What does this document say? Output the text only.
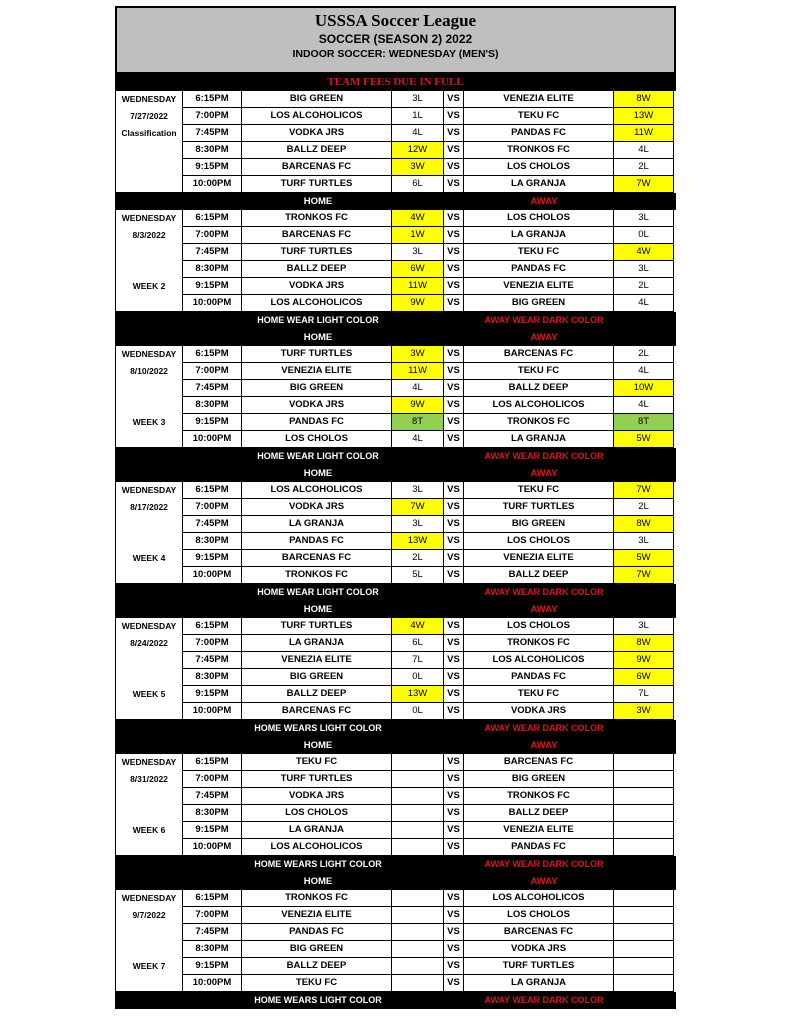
USSSA Soccer League
SOCCER (SEASON 2) 2022
INDOOR SOCCER: WEDNESDAY (MEN'S)
TEAM FEES DUE IN FULL
WEDNESDAY	6:15PM	BIG GREEN	3L	VS	VENEZIA ELITE	8W
7/27/2022	7:00PM	LOS ALCOHOLICOS	1L	VS	TEKU FC	13W
Classification	7:45PM	VODKA JRS	4L	VS	PANDAS FC	11W
8:30PM	BALLZ DEEP	12W	VS	TRONKOS FC	4L
9:15PM	BARCENAS FC	3W	VS	LOS CHOLOS	2L
10:00PM	TURF TURTLES	6L	VS	LA GRANJA	7W
HOME	AWAY
WEDNESDAY	6:15PM	TRONKOS FC	4W	VS	LOS CHOLOS	3L
8/3/2022	7:00PM	BARCENAS FC	1W	VS	LA GRANJA	0L
7:45PM	TURF TURTLES	3L	VS	TEKU FC	4W
8:30PM	BALLZ DEEP	6W	VS	PANDAS FC	3L
WEEK 2	9:15PM	VODKA JRS	11W	VS	VENEZIA ELITE	2L
10:00PM	LOS ALCOHOLICOS	9W	VS	BIG GREEN	4L
HOME WEAR LIGHT COLOR	AWAY WEAR DARK COLOR
HOME	AWAY
WEDNESDAY	6:15PM	TURF TURTLES	3W	VS	BARCENAS FC	2L
8/10/2022	7:00PM	VENEZIA ELITE	11W	VS	TEKU FC	4L
7:45PM	BIG GREEN	4L	VS	BALLZ DEEP	10W
8:30PM	VODKA JRS	9W	VS	LOS ALCOHOLICOS	4L
WEEK 3	9:15PM	PANDAS FC	8T	VS	TRONKOS FC	8T
10:00PM	LOS CHOLOS	4L	VS	LA GRANJA	5W
HOME WEAR LIGHT COLOR	AWAY WEAR DARK COLOR
HOME	AWAY
WEDNESDAY	6:15PM	LOS ALCOHOLICOS	3L	VS	TEKU FC	7W
8/17/2022	7:00PM	VODKA JRS	7W	VS	TURF TURTLES	2L
7:45PM	LA GRANJA	3L	VS	BIG GREEN	8W
8:30PM	PANDAS FC	13W	VS	LOS CHOLOS	3L
WEEK 4	9:15PM	BARCENAS FC	2L	VS	VENEZIA ELITE	5W
10:00PM	TRONKOS FC	5L	VS	BALLZ DEEP	7W
HOME WEAR LIGHT COLOR	AWAY WEAR DARK COLOR
HOME	AWAY
WEDNESDAY	6:15PM	TURF TURTLES	4W	VS	LOS CHOLOS	3L
8/24/2022	7:00PM	LA GRANJA	6L	VS	TRONKOS FC	8W
7:45PM	VENEZIA ELITE	7L	VS	LOS ALCOHOLICOS	9W
8:30PM	BIG GREEN	0L	VS	PANDAS FC	6W
WEEK 5	9:15PM	BALLZ DEEP	13W	VS	TEKU FC	7L
10:00PM	BARCENAS FC	0L	VS	VODKA JRS	3W
HOME WEARS LIGHT COLOR	AWAY WEAR DARK COLOR
HOME	AWAY
WEDNESDAY	6:15PM	TEKU FC	VS	BARCENAS FC
8/31/2022	7:00PM	TURF TURTLES	VS	BIG GREEN
7:45PM	VODKA JRS	VS	TRONKOS FC
8:30PM	LOS CHOLOS	VS	BALLZ DEEP
WEEK 6	9:15PM	LA GRANJA	VS	VENEZIA ELITE
10:00PM	LOS ALCOHOLICOS	VS	PANDAS FC
HOME WEARS LIGHT COLOR	AWAY WEAR DARK COLOR
HOME	AWAY
WEDNESDAY	6:15PM	TRONKOS FC	VS	LOS ALCOHOLICOS
9/7/2022	7:00PM	VENEZIA ELITE	VS	LOS CHOLOS
7:45PM	PANDAS FC	VS	BARCENAS FC
8:30PM	BIG GREEN	VS	VODKA JRS
WEEK 7	9:15PM	BALLZ DEEP	VS	TURF TURTLES
10:00PM	TEKU FC	VS	LA GRANJA
HOME WEARS LIGHT COLOR	AWAY WEAR DARK COLOR
